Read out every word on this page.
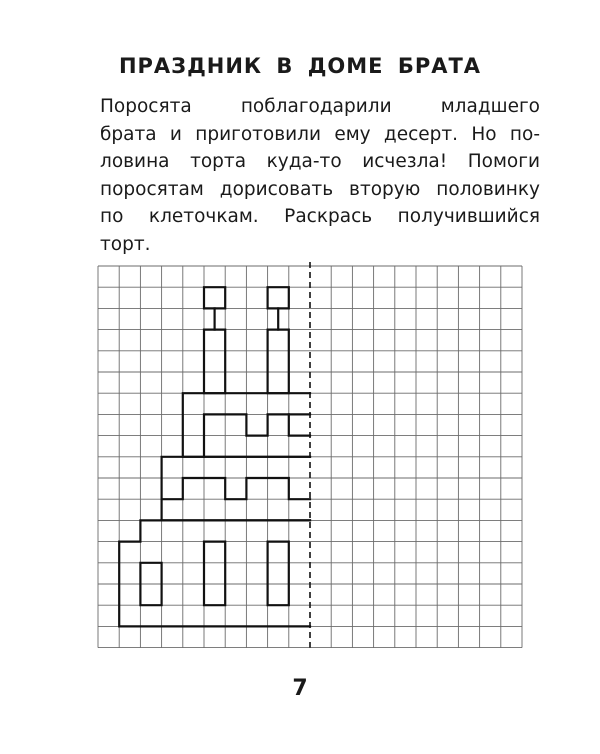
ПРАЗДНИК В ДОМЕ БРАТА

Поросята поблагодарили младшего
брата и приготовили ему десерт. Но по-
ловина торта куда-то исчезла! Помоги
поросятам дорисовать вторую половинку
по клеточкам. Раскрась получившийся
торт.

7
